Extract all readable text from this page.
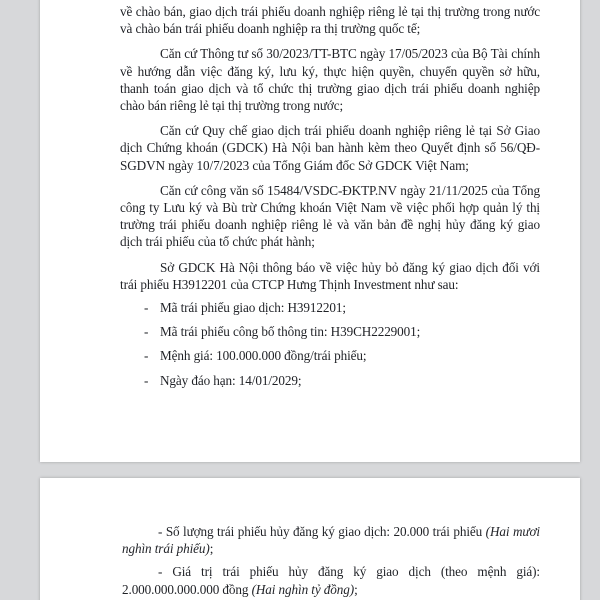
về chào bán, giao dịch trái phiếu doanh nghiệp riêng lẻ tại thị trường trong nước và chào bán trái phiếu doanh nghiệp ra thị trường quốc tế;

Căn cứ Thông tư số 30/2023/TT-BTC ngày 17/05/2023 của Bộ Tài chính về hướng dẫn việc đăng ký, lưu ký, thực hiện quyền, chuyển quyền sở hữu, thanh toán giao dịch và tổ chức thị trường giao dịch trái phiếu doanh nghiệp chào bán riêng lẻ tại thị trường trong nước;

Căn cứ Quy chế giao dịch trái phiếu doanh nghiệp riêng lẻ tại Sở Giao dịch Chứng khoán (GDCK) Hà Nội ban hành kèm theo Quyết định số 56/QĐ-SGDVN ngày 10/7/2023 của Tổng Giám đốc Sở GDCK Việt Nam;

Căn cứ công văn số 15484/VSDC-ĐKTP.NV ngày 21/11/2025 của Tổng công ty Lưu ký và Bù trừ Chứng khoán Việt Nam về việc phối hợp quản lý thị trường trái phiếu doanh nghiệp riêng lẻ và văn bản đề nghị hủy đăng ký giao dịch trái phiếu của tổ chức phát hành;

Sở GDCK Hà Nội thông báo về việc hủy bỏ đăng ký giao dịch đối với trái phiếu H3912201 của CTCP Hưng Thịnh Investment như sau:

- Mã trái phiếu giao dịch: H3912201;
- Mã trái phiếu công bố thông tin: H39CH2229001;
- Mệnh giá: 100.000.000 đồng/trái phiếu;
- Ngày đáo hạn: 14/01/2029;

- Số lượng trái phiếu hủy đăng ký giao dịch: 20.000 trái phiếu (Hai mươi nghìn trái phiếu);

- Giá trị trái phiếu hủy đăng ký giao dịch (theo mệnh giá): 2.000.000.000.000 đồng (Hai nghìn tỷ đồng);
